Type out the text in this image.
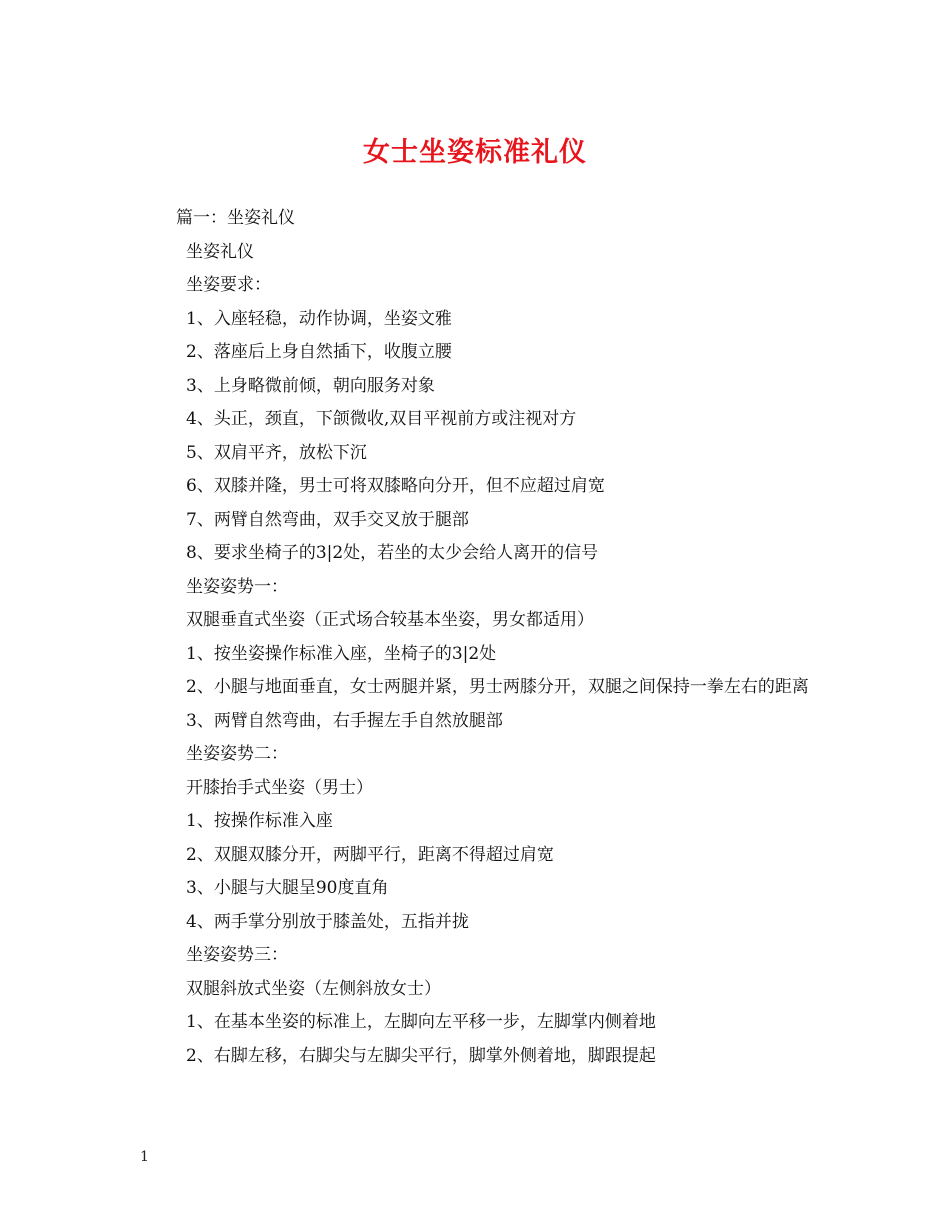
女士坐姿标准礼仪

篇一：坐姿礼仪

坐姿礼仪

坐姿要求：

1、入座轻稳，动作协调，坐姿文雅

2、落座后上身自然插下，收腹立腰

3、上身略微前倾，朝向服务对象

4、头正，颈直，下颌微收,双目平视前方或注视对方

5、双肩平齐，放松下沉

6、双膝并隆，男士可将双膝略向分开，但不应超过肩宽

7、两臂自然弯曲，双手交叉放于腿部

8、要求坐椅子的3|2处，若坐的太少会给人离开的信号

坐姿姿势一：

双腿垂直式坐姿（正式场合较基本坐姿，男女都适用）

1、按坐姿操作标准入座，坐椅子的3|2处

2、小腿与地面垂直，女士两腿并紧，男士两膝分开，双腿之间保持一拳左右的距离

3、两臂自然弯曲，右手握左手自然放腿部

坐姿姿势二：

开膝抬手式坐姿（男士）

1、按操作标准入座

2、双腿双膝分开，两脚平行，距离不得超过肩宽

3、小腿与大腿呈90度直角

4、两手掌分别放于膝盖处，五指并拢

坐姿姿势三：

双腿斜放式坐姿（左侧斜放女士）

1、在基本坐姿的标准上，左脚向左平移一步，左脚掌内侧着地

2、右脚左移，右脚尖与左脚尖平行，脚掌外侧着地，脚跟提起

1
